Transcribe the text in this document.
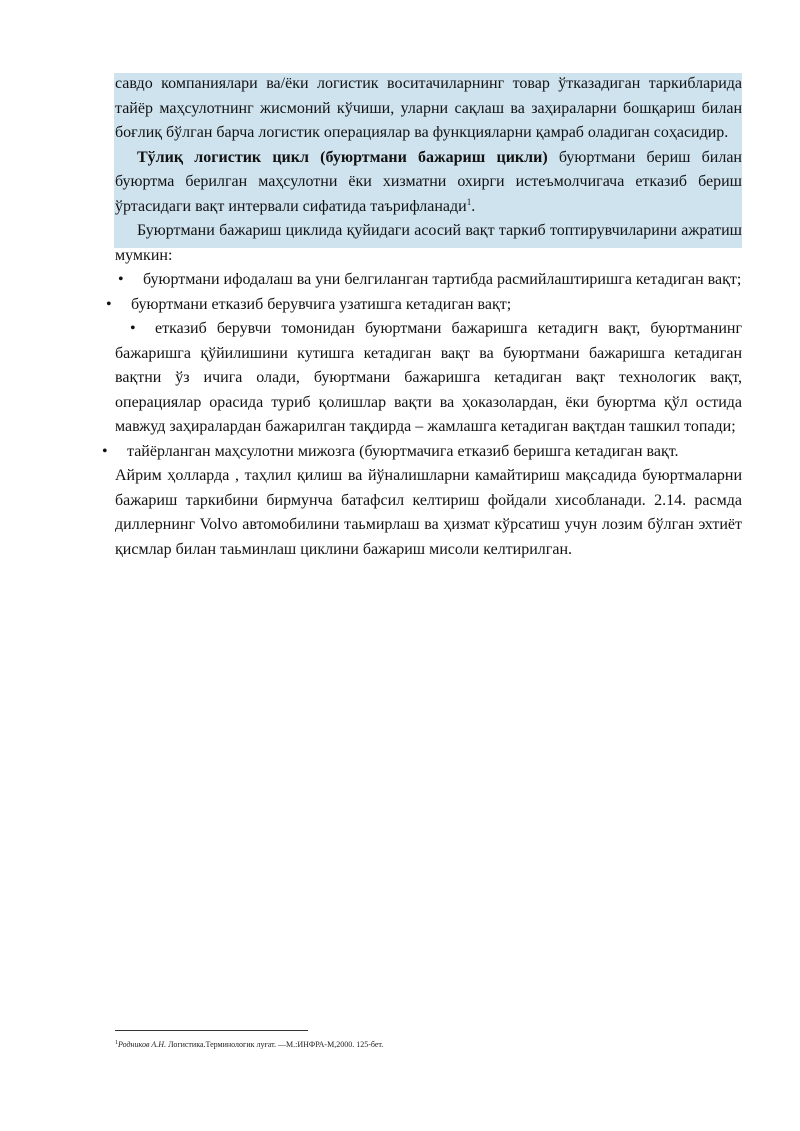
савдо компаниялари ва/ёки логистик воситачиларнинг товар ўтказадиган таркибларида тайёр маҳсулотнинг жисмоний кўчиши, уларни сақлаш ва заҳираларни бошқариш билан боғлиқ бўлган барча логистик операциялар ва функцияларни қамраб оладиган соҳасидир.

Тўлиқ логистик цикл (буюртмани бажариш цикли) буюртмани бериш билан буюртма берилган маҳсулотни ёки хизматни охирги истеъмолчигача етказиб бериш ўртасидаги вақт интервали сифатида таърифланади$^1$.

Буюртмани бажариш циклида қуйидаги асосий вақт таркиб топтирувчиларини ажратиш мумкин:

• буюртмани ифодалаш ва уни белгиланган тартибда расмийлаштиришга кетадиган вақт;
• буюртмани етказиб берувчига узатишга кетадиган вақт;
• етказиб берувчи томонидан буюртмани бажаришга кетадигн вақт, буюртманинг бажаришга қўйилишини кутишга кетадиган вақт ва буюртмани бажаришга кетадиган вақтни ўз ичига олади, буюртмани бажаришга кетадиган вақт технологик вақт, операциялар орасида туриб қолишлар вақти ва ҳоказолардан, ёки буюртма қўл остида мавжуд заҳиралардан бажарилган тақдирда – жамлашга кетадиган вақтдан ташкил топади;
• тайёрланган маҳсулотни мижозга (буюртмачига етказиб беришга кетадиган вақт.

Айрим ҳолларда , таҳлил қилиш ва йўналишларни камайтириш мақсадида буюртмаларни бажариш таркибини бирмунча батафсил келтириш фойдали хисобланади. 2.14. расмда диллернинг Volvo автомобилини таьмирлаш ва ҳизмат кўрсатиш учун лозим бўлган эхтиёт қисмлар билан таьминлаш циклини бажариш мисоли келтирилган.

$^1$Родников А.Н. Логистика.Терминологик луғат. —М.:ИНФРА-М,2000. 125-бет.
